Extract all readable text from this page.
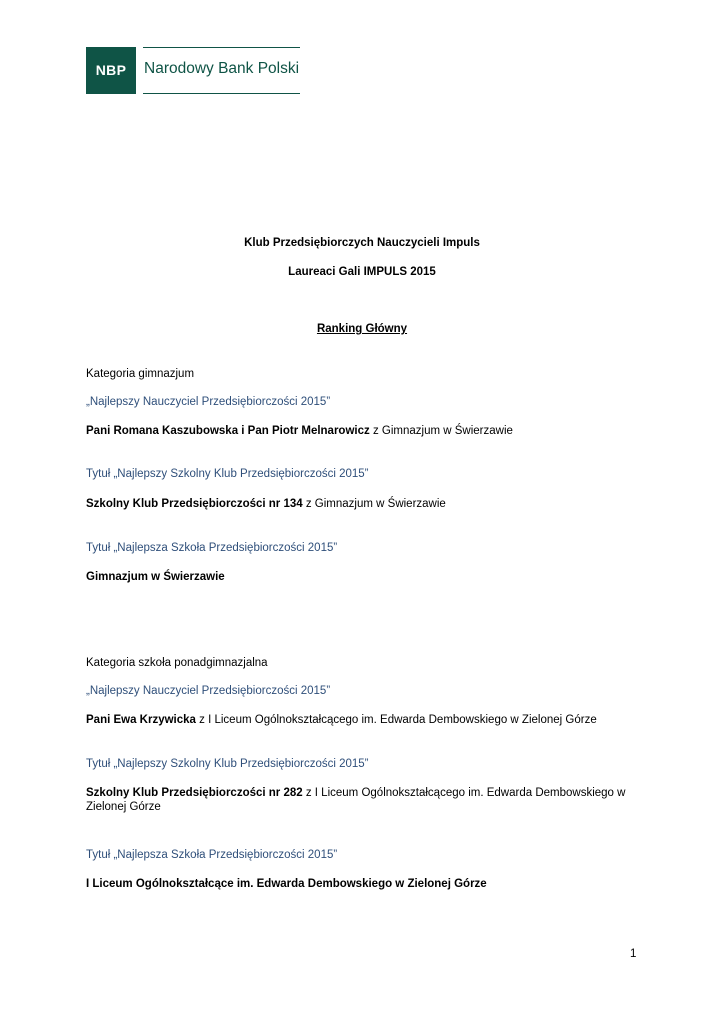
NBP	Narodowy Bank Polski
Klub Przedsiębiorczych Nauczycieli Impuls
Laureaci Gali IMPULS 2015
Ranking Główny
Kategoria gimnazjum
„Najlepszy Nauczyciel Przedsiębiorczości 2015”
Pani Romana Kaszubowska i Pan Piotr Melnarowicz z Gimnazjum w Świerzawie
Tytuł „Najlepszy Szkolny Klub Przedsiębiorczości 2015”
Szkolny Klub Przedsiębiorczości nr 134 z Gimnazjum w Świerzawie
Tytuł „Najlepsza Szkoła Przedsiębiorczości 2015”
Gimnazjum w Świerzawie
Kategoria szkoła ponadgimnazjalna
„Najlepszy Nauczyciel Przedsiębiorczości 2015”
Pani Ewa Krzywicka z I Liceum Ogólnokształcącego im. Edwarda Dembowskiego w Zielonej Górze
Tytuł „Najlepszy Szkolny Klub Przedsiębiorczości 2015”
Szkolny Klub Przedsiębiorczości nr 282 z I Liceum Ogólnokształcącego im. Edwarda Dembowskiego w Zielonej Górze
Tytuł „Najlepsza Szkoła Przedsiębiorczości 2015”
I Liceum Ogólnokształcące im. Edwarda Dembowskiego w Zielonej Górze
1
